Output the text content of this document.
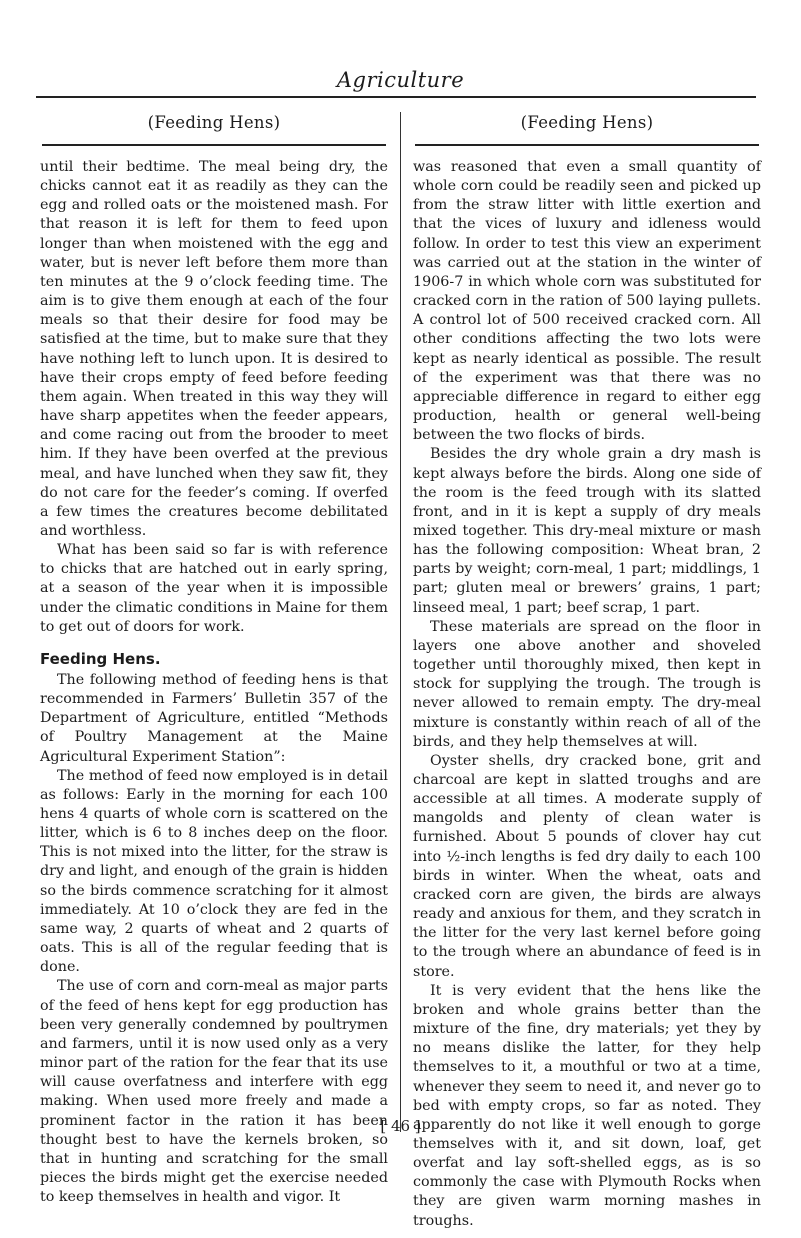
Agriculture
(Feeding Hens)

until their bedtime. The meal being dry, the chicks cannot eat it as readily as they can the egg and rolled oats or the moistened mash. For that reason it is left for them to feed upon longer than when moistened with the egg and water, but is never left before them more than ten minutes at the 9 o’clock feeding time. The aim is to give them enough at each of the four meals so that their desire for food may be satisfied at the time, but to make sure that they have nothing left to lunch upon. It is desired to have their crops empty of feed before feeding them again. When treated in this way they will have sharp appetites when the feeder appears, and come racing out from the brooder to meet him. If they have been overfed at the previous meal, and have lunched when they saw fit, they do not care for the feeder’s coming. If overfed a few times the creatures become debilitated and worthless.

What has been said so far is with reference to chicks that are hatched out in early spring, at a season of the year when it is impossible under the climatic conditions in Maine for them to get out of doors for work.

Feeding Hens.

The following method of feeding hens is that recommended in Farmers’ Bulletin 357 of the Department of Agriculture, entitled “Methods of Poultry Management at the Maine Agricultural Experiment Station”:

The method of feed now employed is in detail as follows: Early in the morning for each 100 hens 4 quarts of whole corn is scattered on the litter, which is 6 to 8 inches deep on the floor. This is not mixed into the litter, for the straw is dry and light, and enough of the grain is hidden so the birds commence scratching for it almost immediately. At 10 o’clock they are fed in the same way, 2 quarts of wheat and 2 quarts of oats. This is all of the regular feeding that is done.

The use of corn and corn-meal as major parts of the feed of hens kept for egg production has been very generally condemned by poultrymen and farmers, until it is now used only as a very minor part of the ration for the fear that its use will cause overfatness and interfere with egg making. When used more freely and made a prominent factor in the ration it has been thought best to have the kernels broken, so that in hunting and scratching for the small pieces the birds might get the exercise needed to keep themselves in health and vigor. It

(Feeding Hens)

was reasoned that even a small quantity of whole corn could be readily seen and picked up from the straw litter with little exertion and that the vices of luxury and idleness would follow. In order to test this view an experiment was carried out at the station in the winter of 1906-7 in which whole corn was substituted for cracked corn in the ration of 500 laying pullets. A control lot of 500 received cracked corn. All other conditions affecting the two lots were kept as nearly identical as possible. The result of the experiment was that there was no appreciable difference in regard to either egg production, health or general well-being between the two flocks of birds.

Besides the dry whole grain a dry mash is kept always before the birds. Along one side of the room is the feed trough with its slatted front, and in it is kept a supply of dry meals mixed together. This dry-meal mixture or mash has the following composition: Wheat bran, 2 parts by weight; corn-meal, 1 part; middlings, 1 part; gluten meal or brewers’ grains, 1 part; linseed meal, 1 part; beef scrap, 1 part.

These materials are spread on the floor in layers one above another and shoveled together until thoroughly mixed, then kept in stock for supplying the trough. The trough is never allowed to remain empty. The dry-meal mixture is constantly within reach of all of the birds, and they help themselves at will.

Oyster shells, dry cracked bone, grit and charcoal are kept in slatted troughs and are accessible at all times. A moderate supply of mangolds and plenty of clean water is furnished. About 5 pounds of clover hay cut into ½-inch lengths is fed dry daily to each 100 birds in winter. When the wheat, oats and cracked corn are given, the birds are always ready and anxious for them, and they scratch in the litter for the very last kernel before going to the trough where an abundance of feed is in store.

It is very evident that the hens like the broken and whole grains better than the mixture of the fine, dry materials; yet they by no means dislike the latter, for they help themselves to it, a mouthful or two at a time, whenever they seem to need it, and never go to bed with empty crops, so far as noted. They apparently do not like it well enough to gorge themselves with it, and sit down, loaf, get overfat and lay soft-shelled eggs, as is so commonly the case with Plymouth Rocks when they are given warm morning mashes in troughs.

[ 46 ]
